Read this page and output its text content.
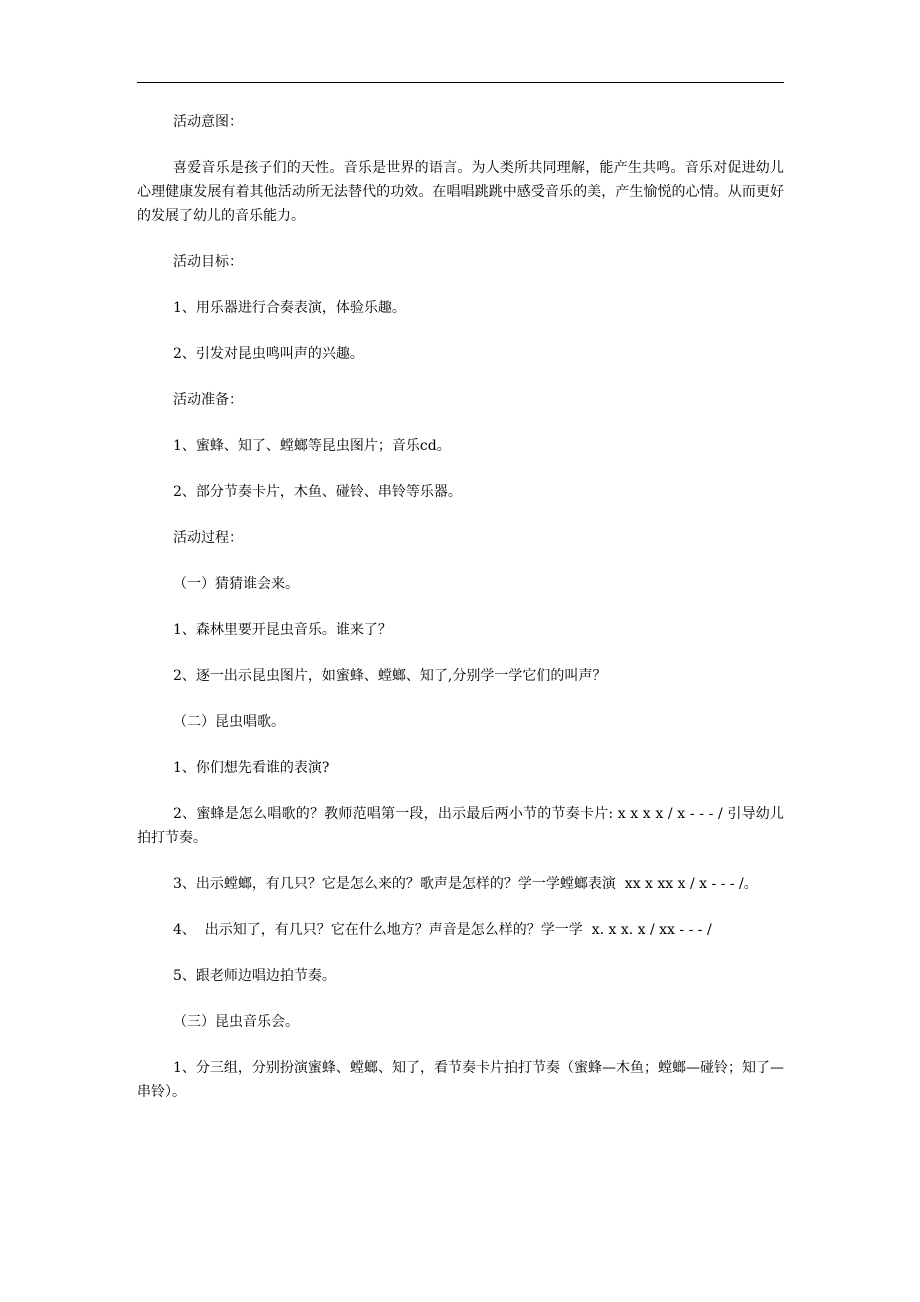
活动意图：

喜爱音乐是孩子们的天性。音乐是世界的语言。为人类所共同理解，能产生共鸣。音乐对促进幼儿心理健康发展有着其他活动所无法替代的功效。在唱唱跳跳中感受音乐的美，产生愉悦的心情。从而更好的发展了幼儿的音乐能力。

活动目标：

1、用乐器进行合奏表演，体验乐趣。

2、引发对昆虫鸣叫声的兴趣。

活动准备：

1、蜜蜂、知了、螳螂等昆虫图片；音乐cd。

2、部分节奏卡片，木鱼、碰铃、串铃等乐器。

活动过程：

（一）猜猜谁会来。

1、森林里要开昆虫音乐。谁来了？

2、逐一出示昆虫图片，如蜜蜂、螳螂、知了,分别学一学它们的叫声？

（二）昆虫唱歌。

1、你们想先看谁的表演?

2、蜜蜂是怎么唱歌的？教师范唱第一段，出示最后两小节的节奏卡片: x x x x / x - - - / 引导幼儿拍打节奏。

3、出示螳螂，有几只？它是怎么来的？歌声是怎样的？学一学螳螂表演  xx x xx x / x - - - /。

4、  出示知了，有几只？它在什么地方？声音是怎么样的？学一学  x. x x. x / xx - - - /

5、跟老师边唱边拍节奏。

（三）昆虫音乐会。

1、分三组，分别扮演蜜蜂、螳螂、知了，看节奏卡片拍打节奏（蜜蜂—木鱼；螳螂—碰铃；知了—串铃）。
